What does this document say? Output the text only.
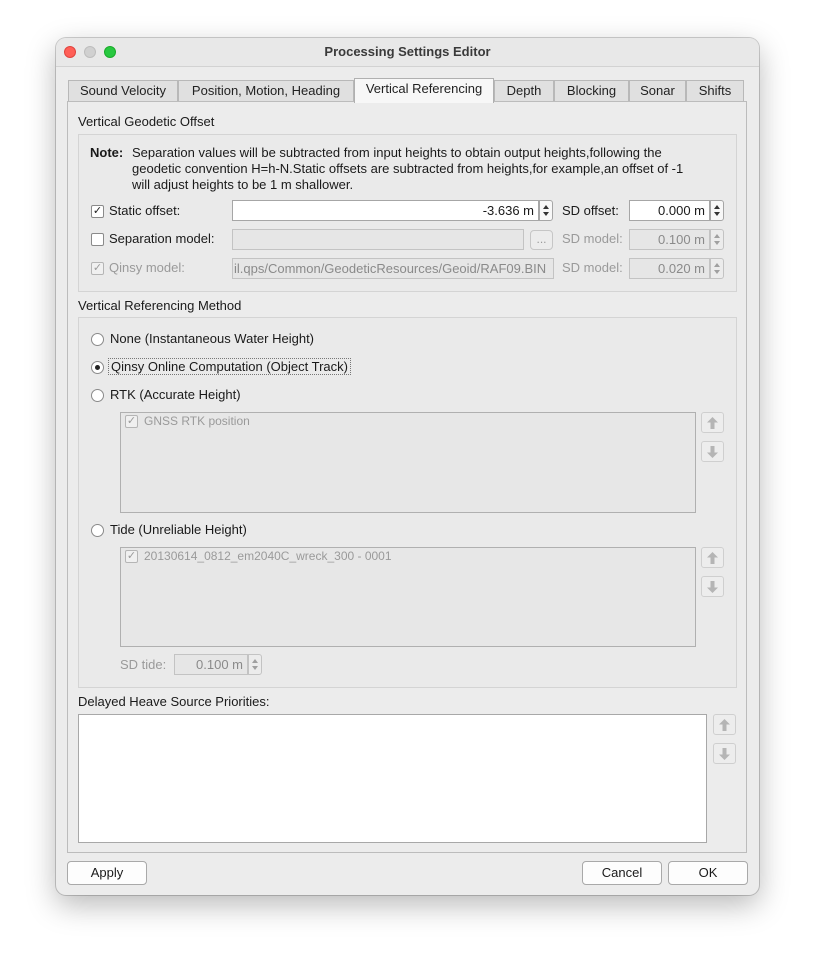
Processing Settings Editor
Sound Velocity	Position, Motion, Heading	Vertical Referencing	Depth	Blocking	Sonar	Shifts
Vertical Geodetic Offset
Note: Separation values will be subtracted from input heights to obtain output heights,following the
geodetic convention H=h-N.Static offsets are subtracted from heights,for example,an offset of -1
will adjust heights to be 1 m shallower.
✓ Static offset:	-3.636 m	SD offset:	0.000 m
Separation model:	...	SD model:	0.100 m
✓ Qinsy model:	il.qps/Common/GeodeticResources/Geoid/RAF09.BIN	SD model:	0.020 m
Vertical Referencing Method
None (Instantaneous Water Height)
Qinsy Online Computation (Object Track)
RTK (Accurate Height)
✓ GNSS RTK position
Tide (Unreliable Height)
✓ 20130614_0812_em2040C_wreck_300 - 0001
SD tide:	0.100 m
Delayed Heave Source Priorities:
Apply	Cancel	OK
